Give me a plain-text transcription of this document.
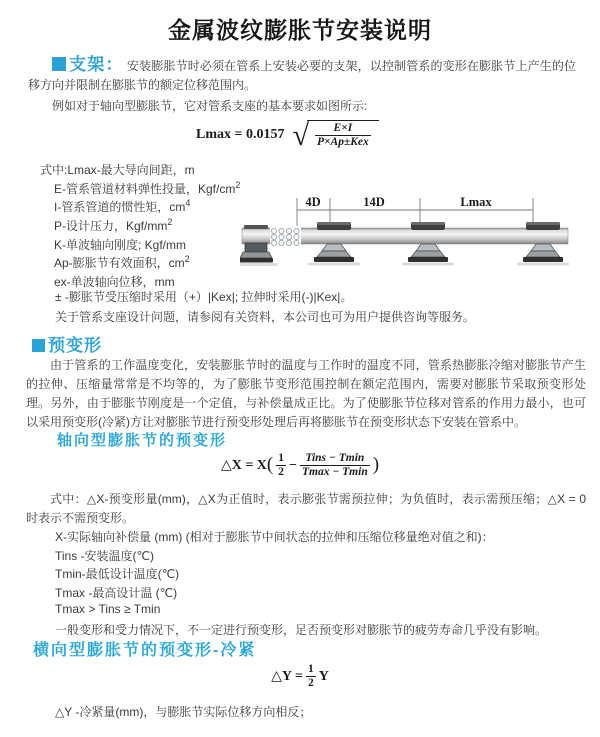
金属波纹膨胀节安装说明
支架： 安装膨胀节时必须在管系上安装必要的支架，以控制管系的变形在膨胀节上产生的位移方向并限制在膨胀节的额定位移范围内。
例如对于轴向型膨胀节，它对管系支座的基本要求如图所示:
Lmax = 0.0157 √ $\frac{E\times I}{\text{P×Ap±Kex}}$
式中:Lmax-最大导向间距，m
E-管系管道材料弹性投量，Kgf/$cm^2$
I-管系管道的惯性矩，$cm^4$
P-设计压力，Kgf/$mm^2$
K-单波轴向刚度; Kgf/mm
Ap-膨胀节有效面积，$cm^2$
ex-单波轴向位移，mm
4D	14D	Lmax
± -膨胀节受压缩时采用（+）|Kex|; 拉伸时采用(-)|Kex|。
关于管系支座设计问题，请参阅有关资料，本公司也可为用户提供咨询等服务。
预变形
由于管系的工作温度变化，安装膨胀节时的温度与工作时的温度不同，管系热膨胀冷缩对膨胀节产生的拉伸、压缩量常常是不均等的，为了膨胀节变形范围控制在额定范围内，需要对膨胀节采取预变形处理。另外，由于膨胀节刚度是一个定值，与补偿量成正比。为了使膨胀节位移对管系的作用力最小，也可以采用预变形(冷紧)方让对膨胀节进行预变形处理后再将膨胀节在预变形状态下安装在管系中。
轴向型膨胀节的预变形
△X = X ( $\frac{1}{2} - \frac{\text{Tins − Tmin}}{Tmax - Tmin}$ )
式中：△X-预变形量(mm)，△X为正值时，表示膨张节需预拉伸；为负值时，表示需预压缩；△X = 0时表示不需预变形。
X-实际轴向补偿量 (mm) (相对于膨胀节中间状态的拉伸和压缩位移量绝对值之和)：
Tins -安装温度(℃)
Tmin-最低设计温度(℃)
Tmax -最高设计温 (℃)
Tmax > Tins ≥ Tmin
一般变形和受力情况下，不一定进行预变形，足否预变形对膨胀节的疲劳寿命几乎没有影响。
横向型膨胀节的预变形-冷紧
△Y = $\frac{1}{2}$ Y
△Y -冷紧量(mm)，与膨胀节实际位移方向相反；
